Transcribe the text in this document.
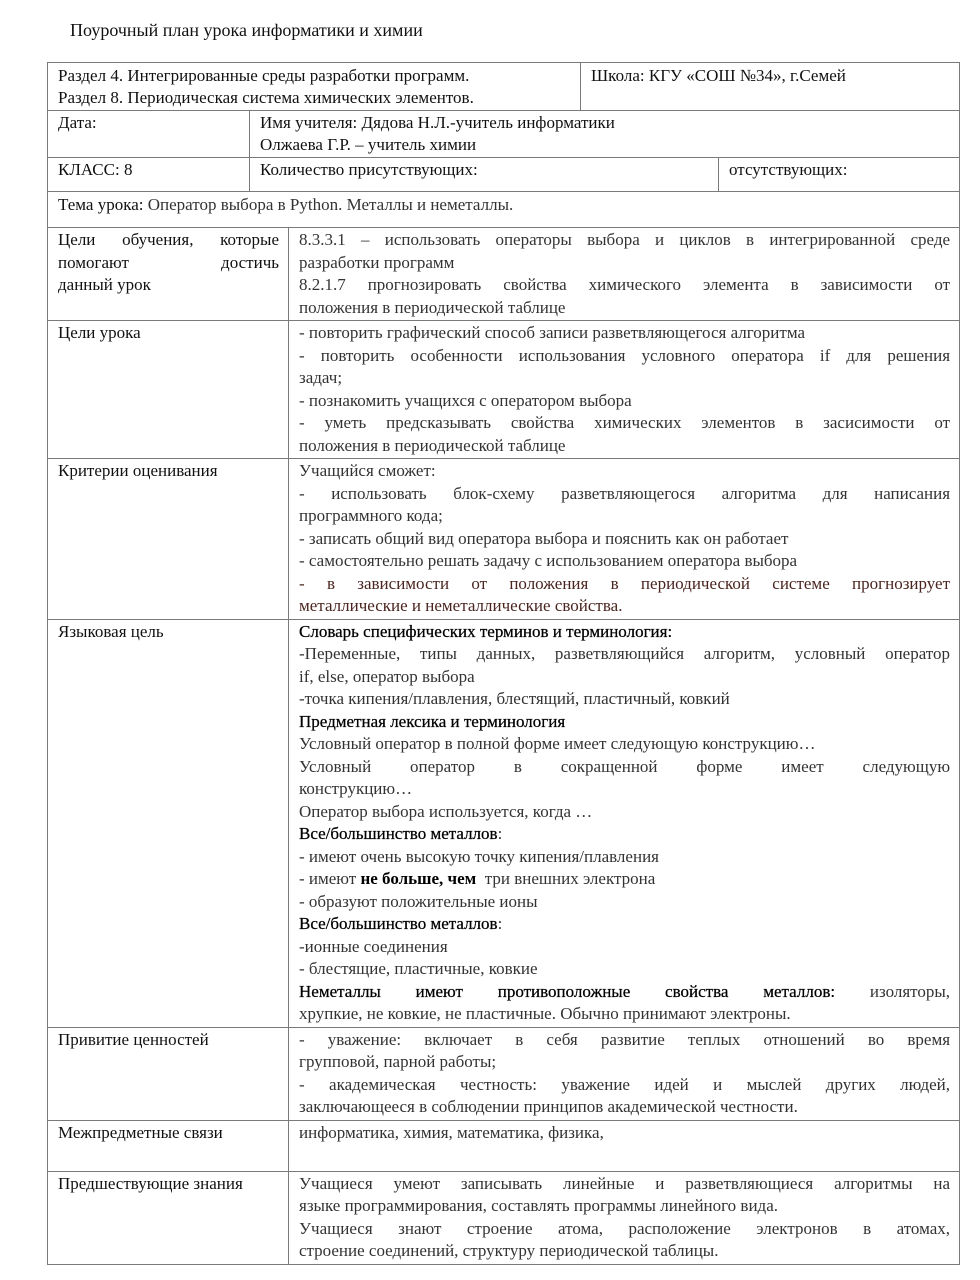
Поурочный план урока информатики и химии
Раздел 4. Интегрированные среды разработки программ.
Раздел 8. Периодическая система химических элементов.			Школа: КГУ «СОШ №34», г.Семей	
Дата:	Имя учителя: Дядова Н.Л.-учитель информатики
Олжаева Г.Р. – учитель химии			

КЛАСС: 8	Количество присутствующих:			отсутствующих:
Тема урока: Оператор выбора в Python. Металлы и неметаллы.				

Цели обучения, которые
помогают достичь
данный урок		8.3.3.1 – использовать операторы выбора и циклов в интегрированной среде
разработки программ
8.2.1.7 прогнозировать свойства химического элемента в зависимости от
положения в периодической таблице		

Цели урока	- повторить графический способ записи разветвляющегося алгоритма
- повторить особенности использования условного оператора if для решения
задач;
- познакомить учащихся с оператором выбора
- уметь предсказывать свойства химических элементов в засисимости от
положения в периодической таблице

Критерии оценивания	Учащийся сможет:
- использовать блок-схему разветвляющегося алгоритма для написания
программного кода;
- записать общий вид оператора выбора и пояснить как он работает
- самостоятельно решать задачу с использованием оператора выбора
- в зависимости от положения в периодической системе прогнозирует
металлические и неметаллические свойства.

Языковая цель	Словарь специфических терминов и терминология:
-Переменные, типы данных, разветвляющийся алгоритм, условный оператор
if, else, оператор выбора
-точка кипения/плавления, блестящий, пластичный, ковкий
Предметная лексика и терминология
Условный оператор в полной форме имеет следующую конструкцию…
Условный оператор в сокращенной форме имеет следующую
конструкцию…
Оператор выбора используется, когда …
Все/большинство металлов:
- имеют очень высокую точку кипения/плавления
- имеют не больше, чем  три внешних электрона
- образуют положительные ионы
Все/большинство металлов:
-ионные соединения
- блестящие, пластичные, ковкие
Неметаллы имеют противоположные свойства металлов: изоляторы,
хрупкие, не ковкие, не пластичные. Обычно принимают электроны.

Привитие ценностей		- уважение: включает в себя развитие теплых отношений во время
групповой, парной работы;
- академическая честность: уважение идей и мыслей других людей,
заключающееся в соблюдении принципов академической честности.		

Межпредметные связи		информатика, химия, математика, физика,		
Предшествующие знания		Учащиеся умеют записывать линейные и разветвляющиеся алгоритмы на
языке программирования, составлять программы линейного вида.
Учащиеся знают строение атома, расположение электронов в атомах,
строение соединений, структуру периодической таблицы.		
